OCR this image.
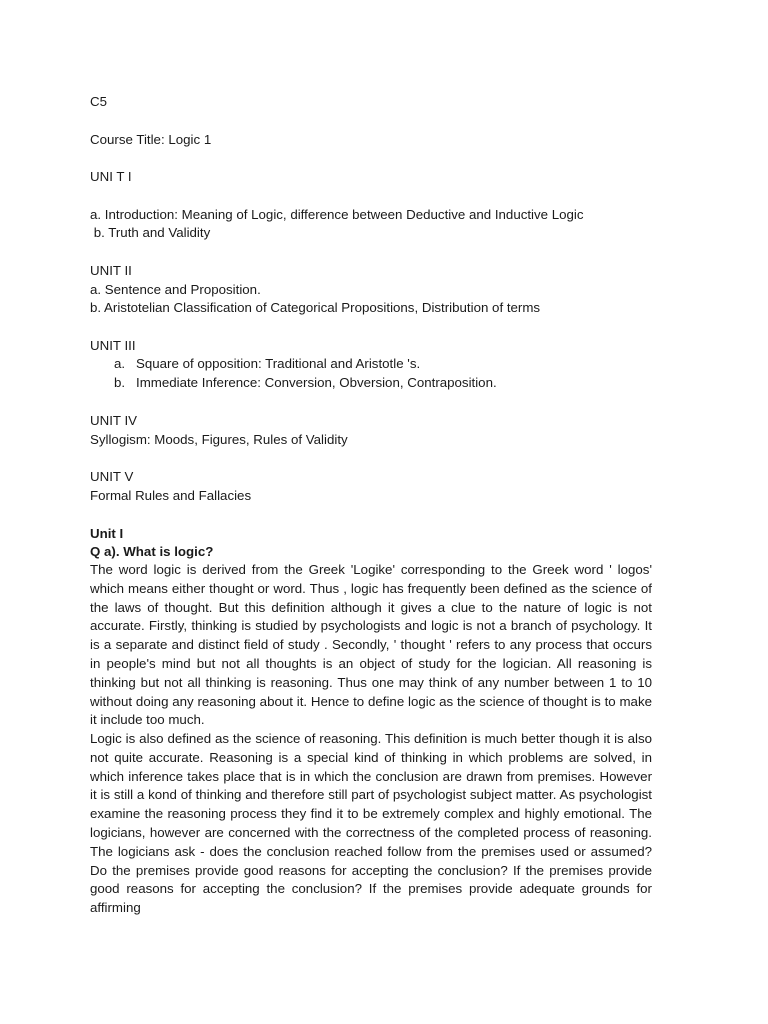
C5
Course Title: Logic 1
UNI T I
a. Introduction: Meaning of Logic, difference between Deductive and Inductive Logic
b. Truth and Validity
UNIT II
a. Sentence and Proposition.
b. Aristotelian Classification of Categorical Propositions, Distribution of terms
UNIT III
a. Square of opposition: Traditional and Aristotle 's.
b. Immediate Inference: Conversion, Obversion, Contraposition.
UNIT IV
Syllogism: Moods, Figures, Rules of Validity
UNIT V
Formal Rules and Fallacies
Unit I
Q a). What is logic?
The word logic is derived from the Greek 'Logike' corresponding to the Greek word ' logos' which means either thought or word. Thus , logic has frequently been defined as the science of the laws of thought. But this definition although it gives a clue to the nature of logic is not accurate. Firstly, thinking is studied by psychologists and logic is not a branch of psychology. It is a separate and distinct field of study . Secondly, ' thought ' refers to any process that occurs in people's mind but not all thoughts is an object of study for the logician. All reasoning is thinking but not all thinking is reasoning. Thus one may think of any number between 1 to 10 without doing any reasoning about it. Hence to define logic as the science of thought is to make it include too much.
Logic is also defined as the science of reasoning. This definition is much better though it is also not quite accurate. Reasoning is a special kind of thinking in which problems are solved, in which inference takes place that is in which the conclusion are drawn from premises. However it is still a kond of thinking and therefore still part of psychologist subject matter. As psychologist examine the reasoning process they find it to be extremely complex and highly emotional. The logicians, however are concerned with the correctness of the completed process of reasoning. The logicians ask - does the conclusion reached follow from the premises used or assumed? Do the premises provide good reasons for accepting the conclusion? If the premises provide good reasons for accepting the conclusion? If the premises provide adequate grounds for affirming
